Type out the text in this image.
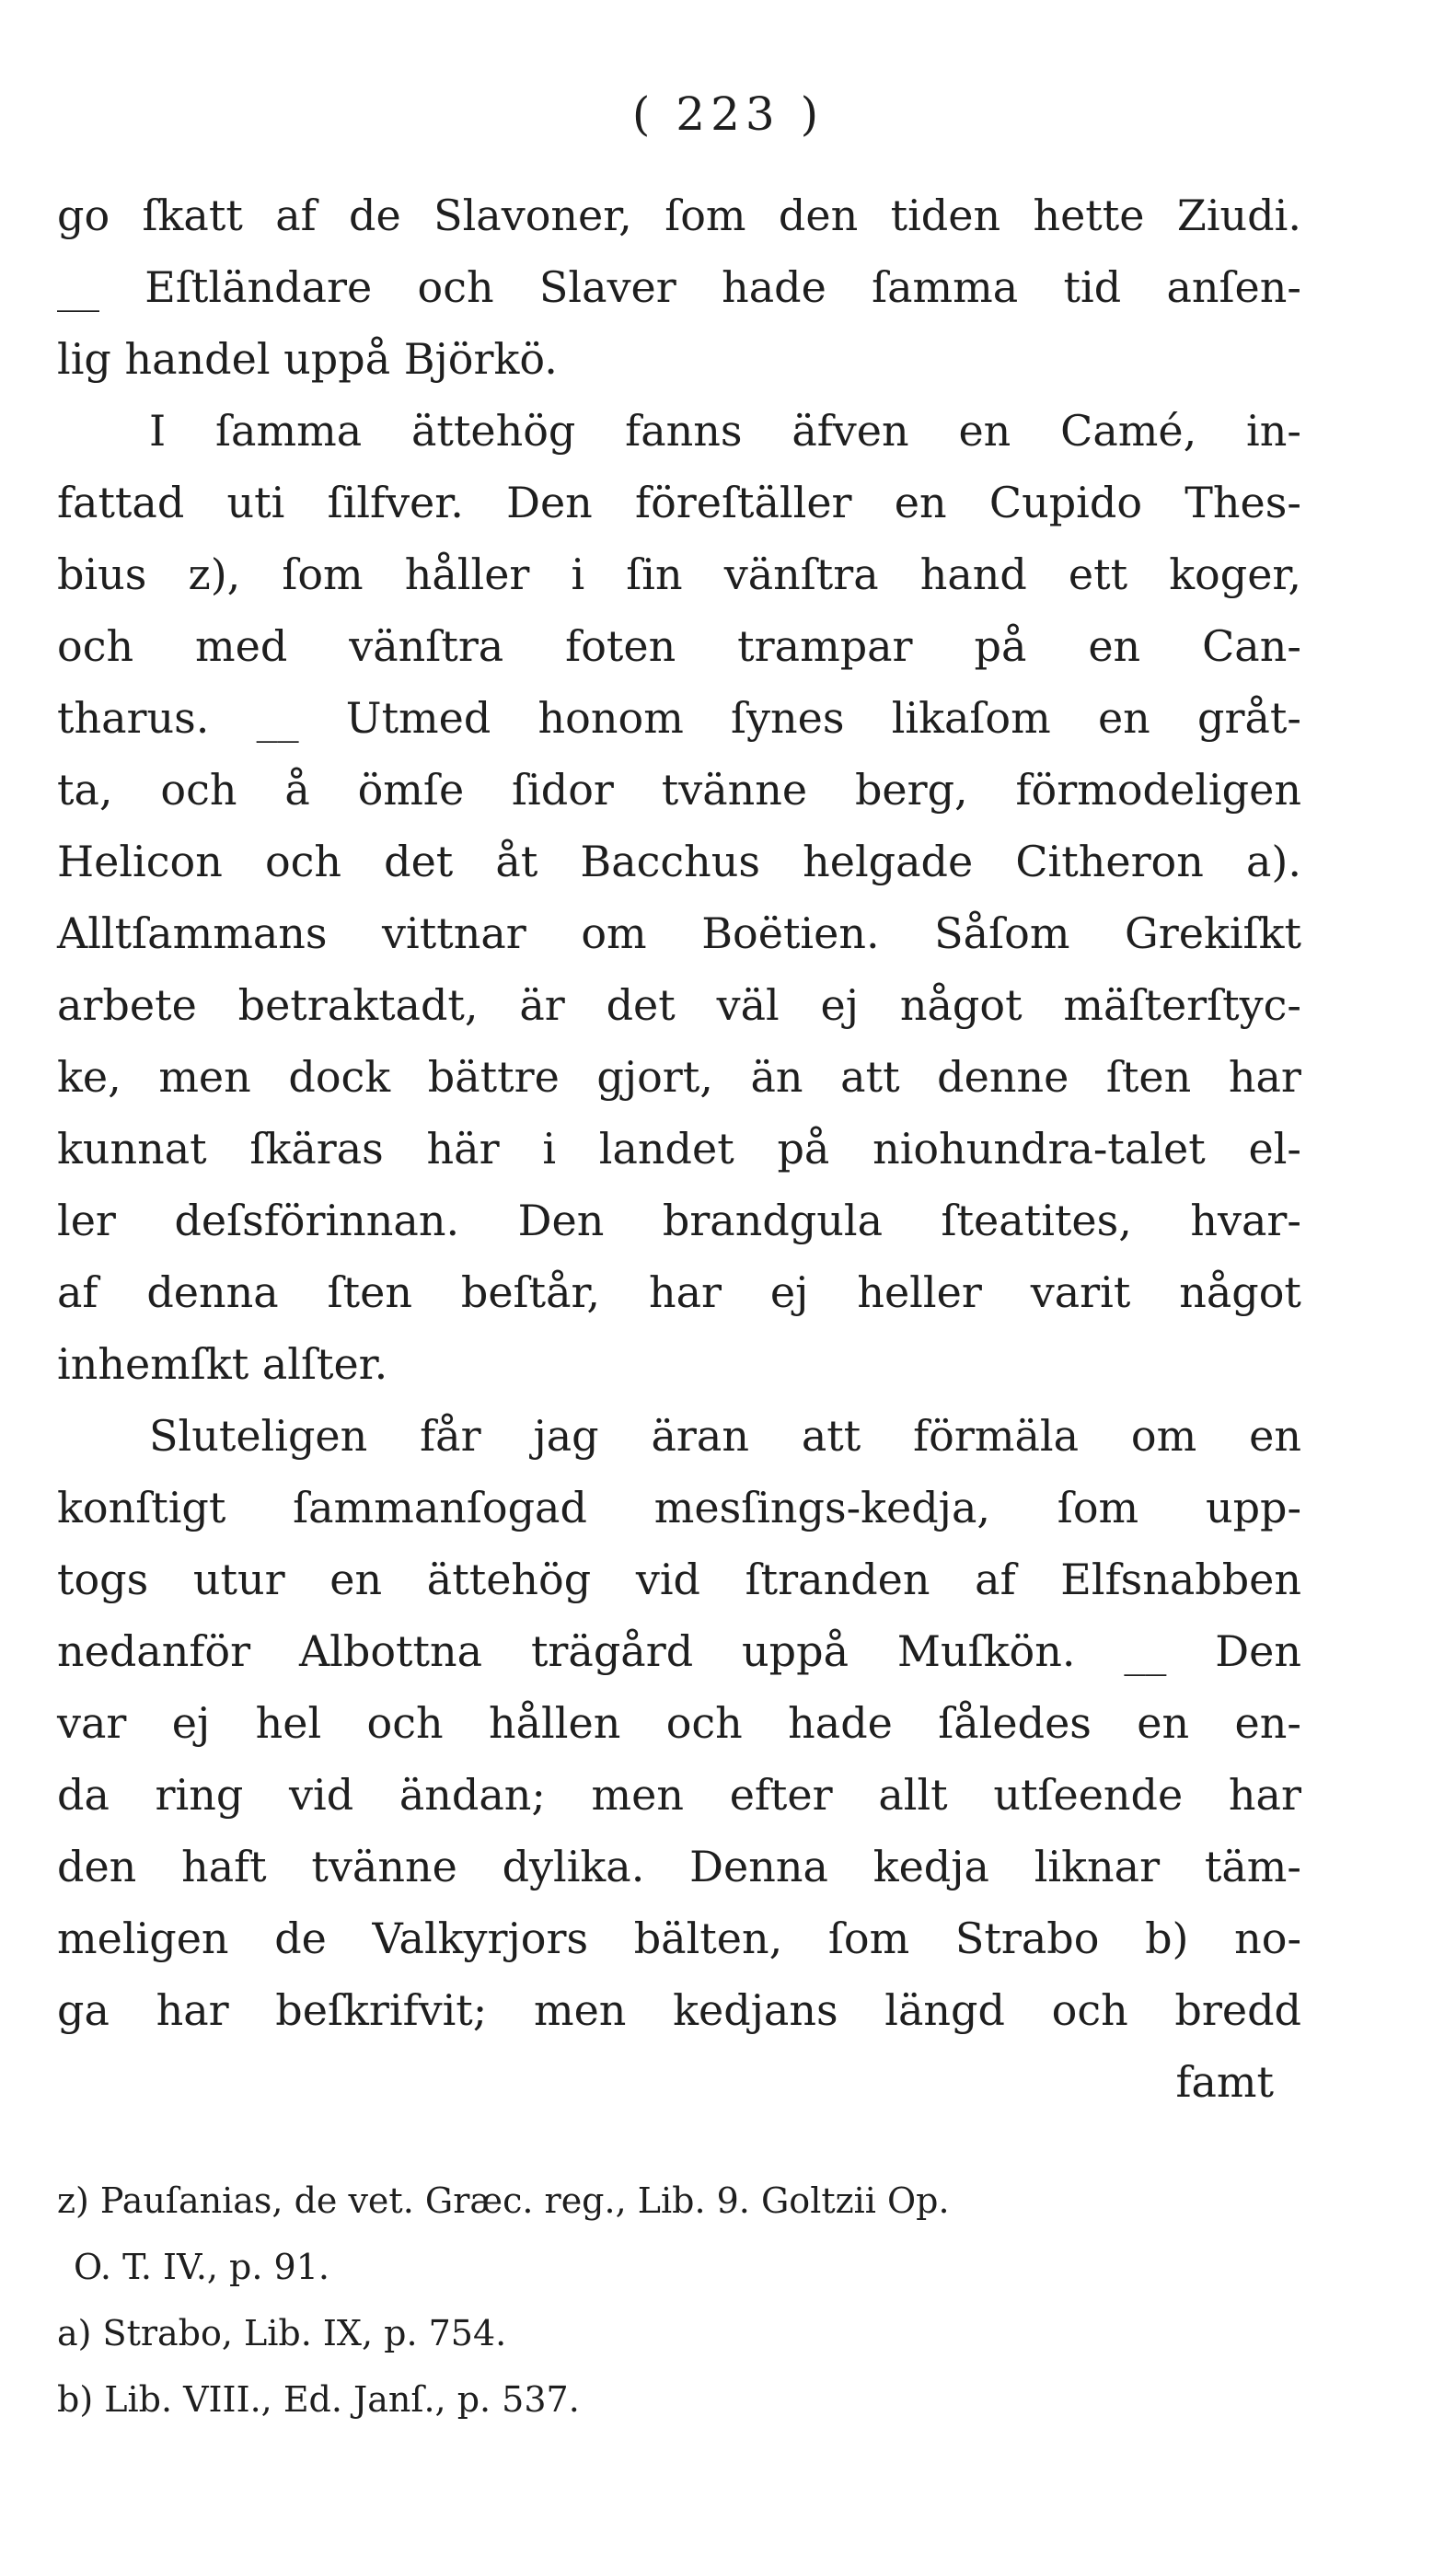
( 223 )
go ſkatt af de Slavoner, ſom den tiden hette Ziudi.
__ Eſtländare och Slaver hade ſamma tid anſen-
lig handel uppå Björkö.
I ſamma ättehög fanns äfven en Camé, in-
fattad uti ſilfver. Den föreſtäller en Cupido Thes-
bius z), ſom håller i ſin vänſtra hand ett koger,
och med vänſtra foten trampar på en Can-
tharus. __ Utmed honom ſynes likaſom en gråt-
ta, och å ömſe ſidor tvänne berg, förmodeligen
Helicon och det åt Bacchus helgade Citheron a).
Alltſammans vittnar om Boëtien. Såſom Grekiſkt
arbete betraktadt, är det väl ej något mäſterſtyc-
ke, men dock bättre gjort, än att denne ſten har
kunnat ſkäras här i landet på niohundra-talet el-
ler deſsförinnan. Den brandgula ſteatites, hvar-
af denna ſten beſtår, har ej heller varit något
inhemſkt alſter.
Sluteligen får jag äran att förmäla om en
konſtigt ſammanſogad mesſings-kedja, ſom upp-
togs utur en ättehög vid ſtranden af Elfsnabben
nedanför Albottna trägård uppå Muſkön. __ Den
var ej hel och hållen och hade ſåledes en en-
da ring vid ändan; men efter allt utſeende har
den haft tvänne dylika. Denna kedja liknar täm-
meligen de Valkyrjors bälten, ſom Strabo b) no-
ga har beſkrifvit; men kedjans längd och bredd
famt
z) Pauſanias, de vet. Græc. reg., Lib. 9. Goltzii Op.
O. T. IV., p. 91.
a) Strabo, Lib. IX, p. 754.
b) Lib. VIII., Ed. Janſ., p. 537.
